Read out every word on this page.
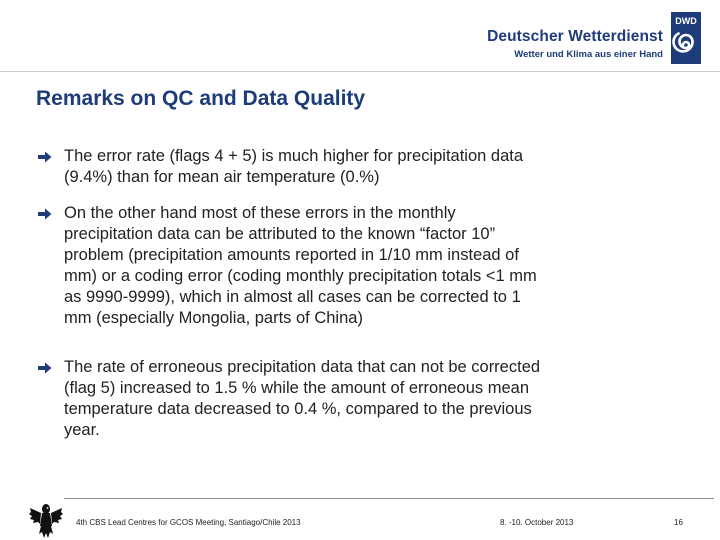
Deutscher Wetterdienst
Wetter und Klima aus einer Hand
DWD
Remarks on QC and Data Quality

The error rate (flags 4 + 5) is much higher for precipitation data
(9.4%) than for mean air temperature (0.%)

On the other hand most of these errors in the monthly
precipitation data can be attributed to the known “factor 10”
problem (precipitation amounts reported in 1/10 mm instead of
mm) or a coding error (coding monthly precipitation totals <1 mm
as 9990-9999), which in almost all cases can be corrected to 1
mm (especially Mongolia, parts of China)

The rate of erroneous precipitation data that can not be corrected
(flag 5) increased to 1.5 % while the amount of erroneous mean
temperature data decreased to 0.4 %, compared to the previous
year.

4th CBS Lead Centres for GCOS Meeting, Santiago/Chile 2013	8. -10. October 2013	16
